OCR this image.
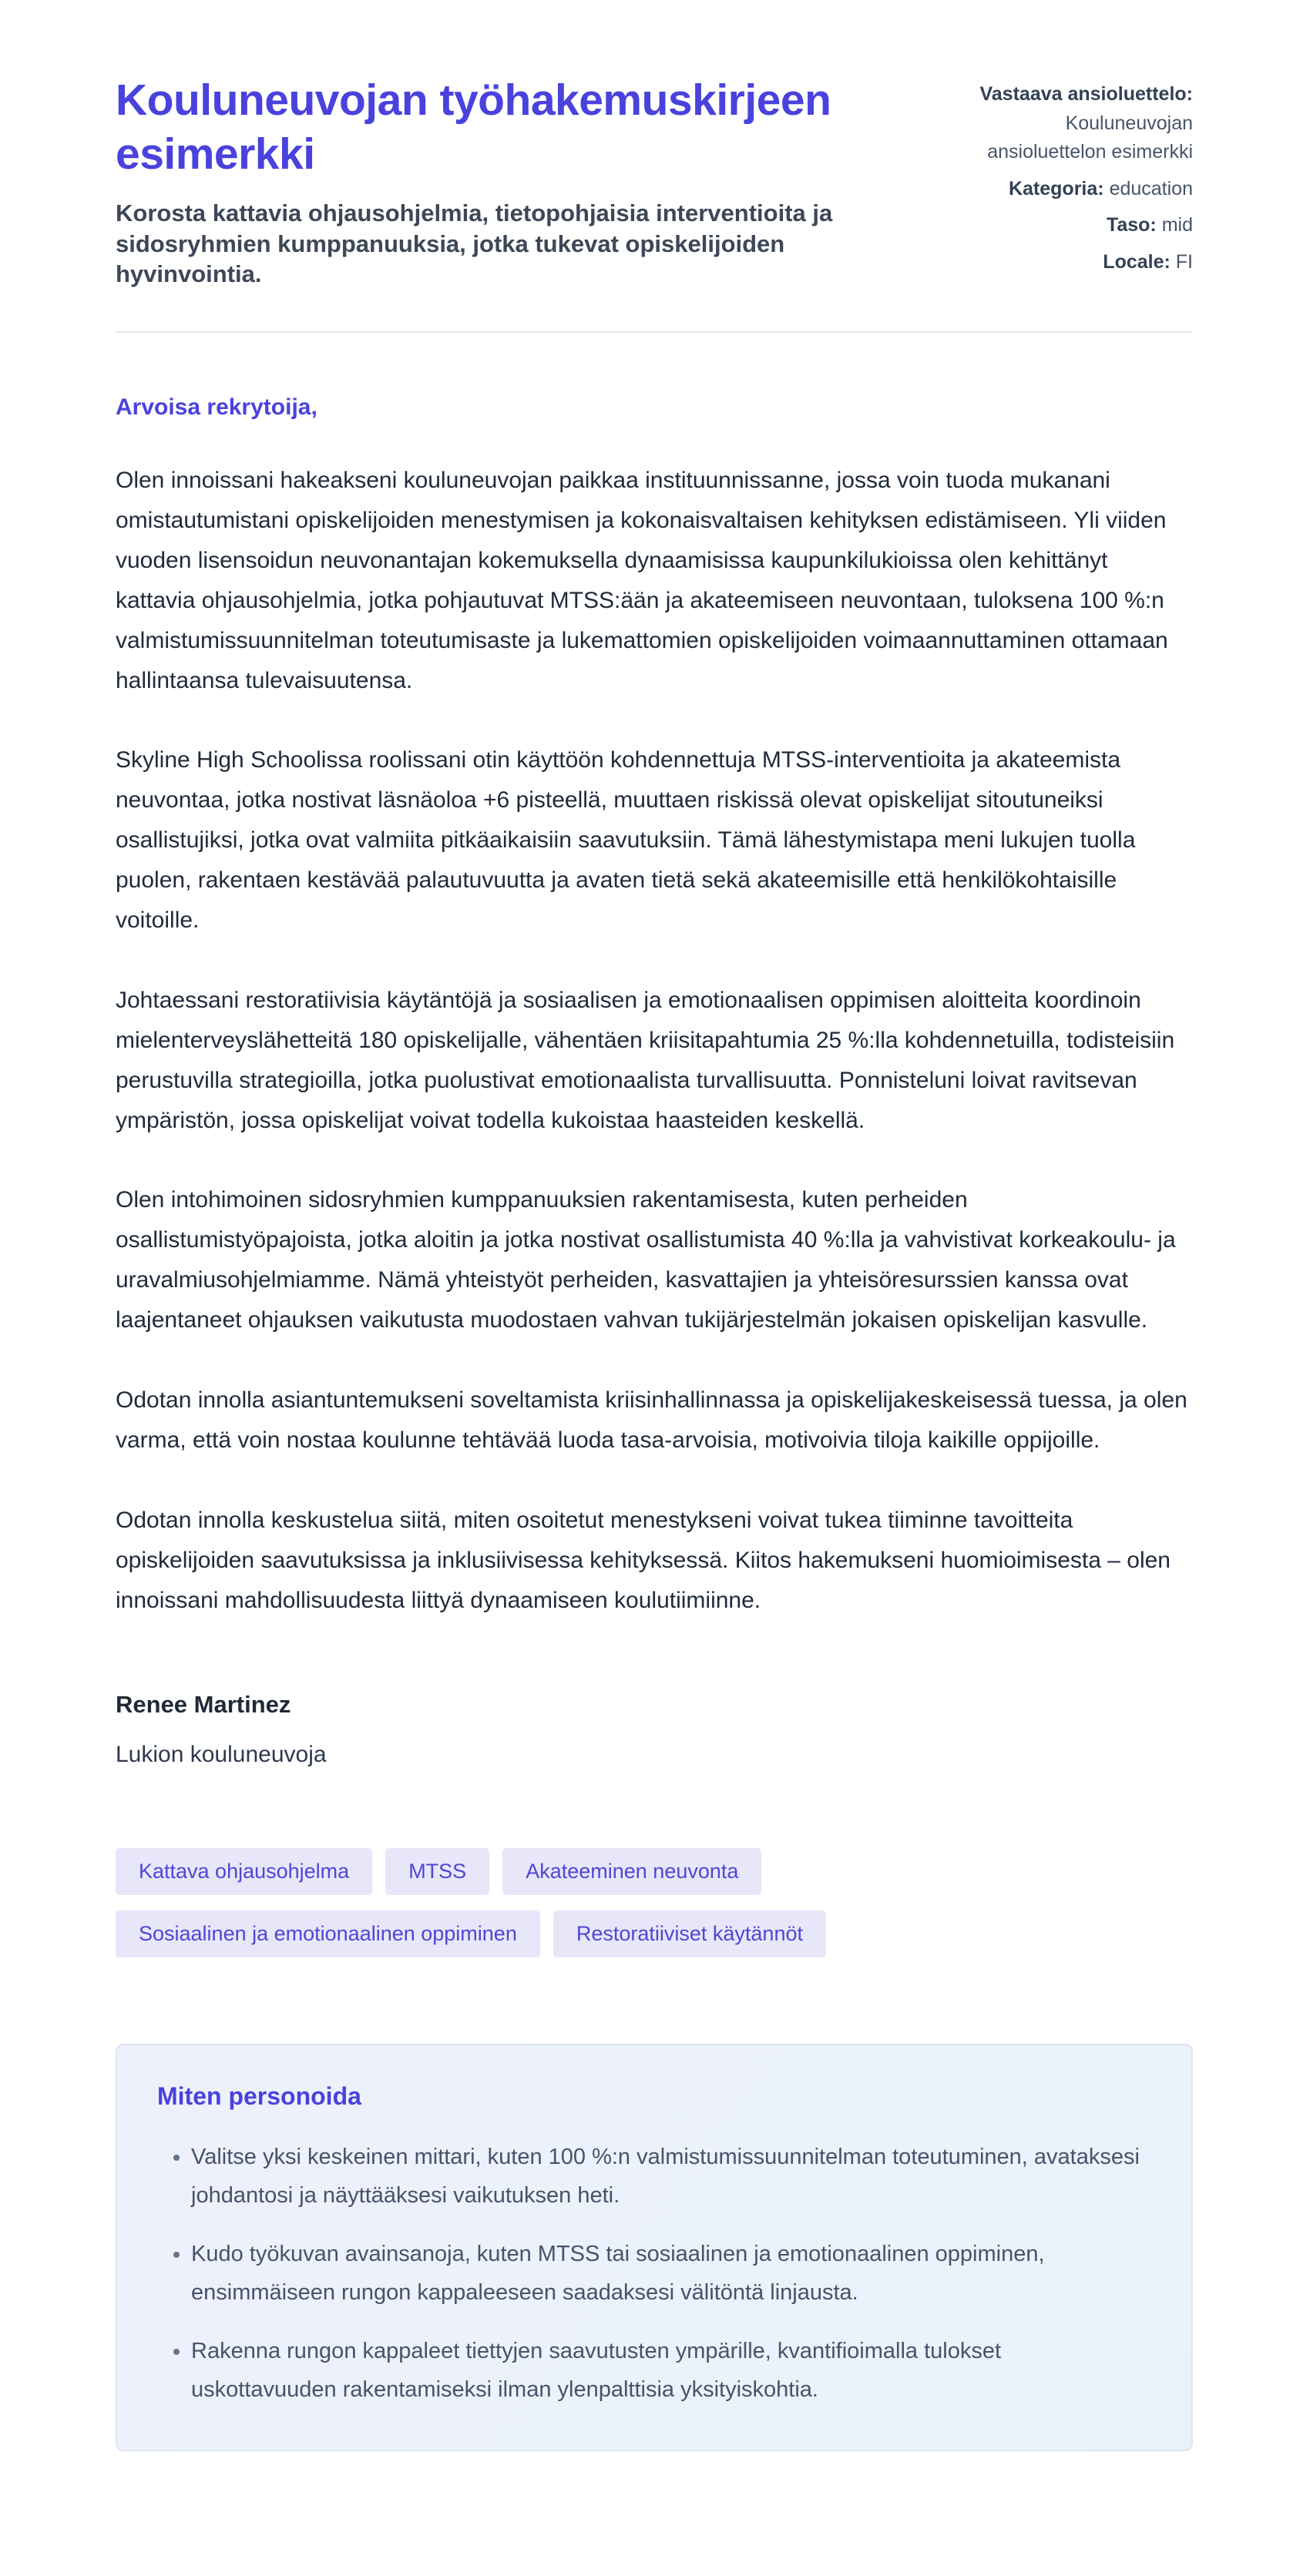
Kouluneuvojan työhakemuskirjeen esimerkki
Korosta kattavia ohjausohjelmia, tietopohjaisia interventioita ja sidosryhmien kumppanuuksia, jotka tukevat opiskelijoiden hyvinvointia.
Vastaava ansioluettelo: Kouluneuvojan ansioluettelon esimerkki
Kategoria: education
Taso: mid
Locale: FI
Arvoisa rekrytoija,

Olen innoissani hakeakseni kouluneuvojan paikkaa instituunnissanne, jossa voin tuoda mukanani omistautumistani opiskelijoiden menestymisen ja kokonaisvaltaisen kehityksen edistämiseen. Yli viiden vuoden lisensoidun neuvonantajan kokemuksella dynaamisissa kaupunkilukioissa olen kehittänyt kattavia ohjausohjelmia, jotka pohjautuvat MTSS:ään ja akateemiseen neuvontaan, tuloksena 100 %:n valmistumissuunnitelman toteutumisaste ja lukemattomien opiskelijoiden voimaannuttaminen ottamaan hallintaansa tulevaisuutensa.

Skyline High Schoolissa roolissani otin käyttöön kohdennettuja MTSS-interventioita ja akateemista neuvontaa, jotka nostivat läsnäoloa +6 pisteellä, muuttaen riskissä olevat opiskelijat sitoutuneiksi osallistujiksi, jotka ovat valmiita pitkäaikaisiin saavutuksiin. Tämä lähestymistapa meni lukujen tuolla puolen, rakentaen kestävää palautuvuutta ja avaten tietä sekä akateemisille että henkilökohtaisille voitoille.

Johtaessani restoratiivisia käytäntöjä ja sosiaalisen ja emotionaalisen oppimisen aloitteita koordinoin mielenterveyslähetteitä 180 opiskelijalle, vähentäen kriisitapahtumia 25 %:lla kohdennetuilla, todisteisiin perustuvilla strategioilla, jotka puolustivat emotionaalista turvallisuutta. Ponnisteluni loivat ravitsevan ympäristön, jossa opiskelijat voivat todella kukoistaa haasteiden keskellä.

Olen intohimoinen sidosryhmien kumppanuuksien rakentamisesta, kuten perheiden osallistumistyöpajoista, jotka aloitin ja jotka nostivat osallistumista 40 %:lla ja vahvistivat korkeakoulu- ja uravalmiusohjelmiamme. Nämä yhteistyöt perheiden, kasvattajien ja yhteisöresurssien kanssa ovat laajentaneet ohjauksen vaikutusta muodostaen vahvan tukijärjestelmän jokaisen opiskelijan kasvulle.

Odotan innolla asiantuntemukseni soveltamista kriisinhallinnassa ja opiskelijakeskeisessä tuessa, ja olen varma, että voin nostaa koulunne tehtävää luoda tasa-arvoisia, motivoivia tiloja kaikille oppijoille.

Odotan innolla keskustelua siitä, miten osoitetut menestykseni voivat tukea tiiminne tavoitteita opiskelijoiden saavutuksissa ja inklusiivisessa kehityksessä. Kiitos hakemukseni huomioimisesta – olen innoissani mahdollisuudesta liittyä dynaamiseen koulutiimiinne.

Renee Martinez
Lukion kouluneuvoja
Kattava ohjausohjelma	MTSS	Akateeminen neuvonta
Sosiaalinen ja emotionaalinen oppiminen	Restoratiiviset käytännöt
Miten personoida
• Valitse yksi keskeinen mittari, kuten 100 %:n valmistumissuunnitelman toteutuminen, avataksesi johdantosi ja näyttääksesi vaikutuksen heti.
• Kudo työkuvan avainsanoja, kuten MTSS tai sosiaalinen ja emotionaalinen oppiminen, ensimmäiseen rungon kappaleeseen saadaksesi välitöntä linjausta.
• Rakenna rungon kappaleet tiettyjen saavutusten ympärille, kvantifioimalla tulokset uskottavuuden rakentamiseksi ilman ylenpalttisia yksityiskohtia.
